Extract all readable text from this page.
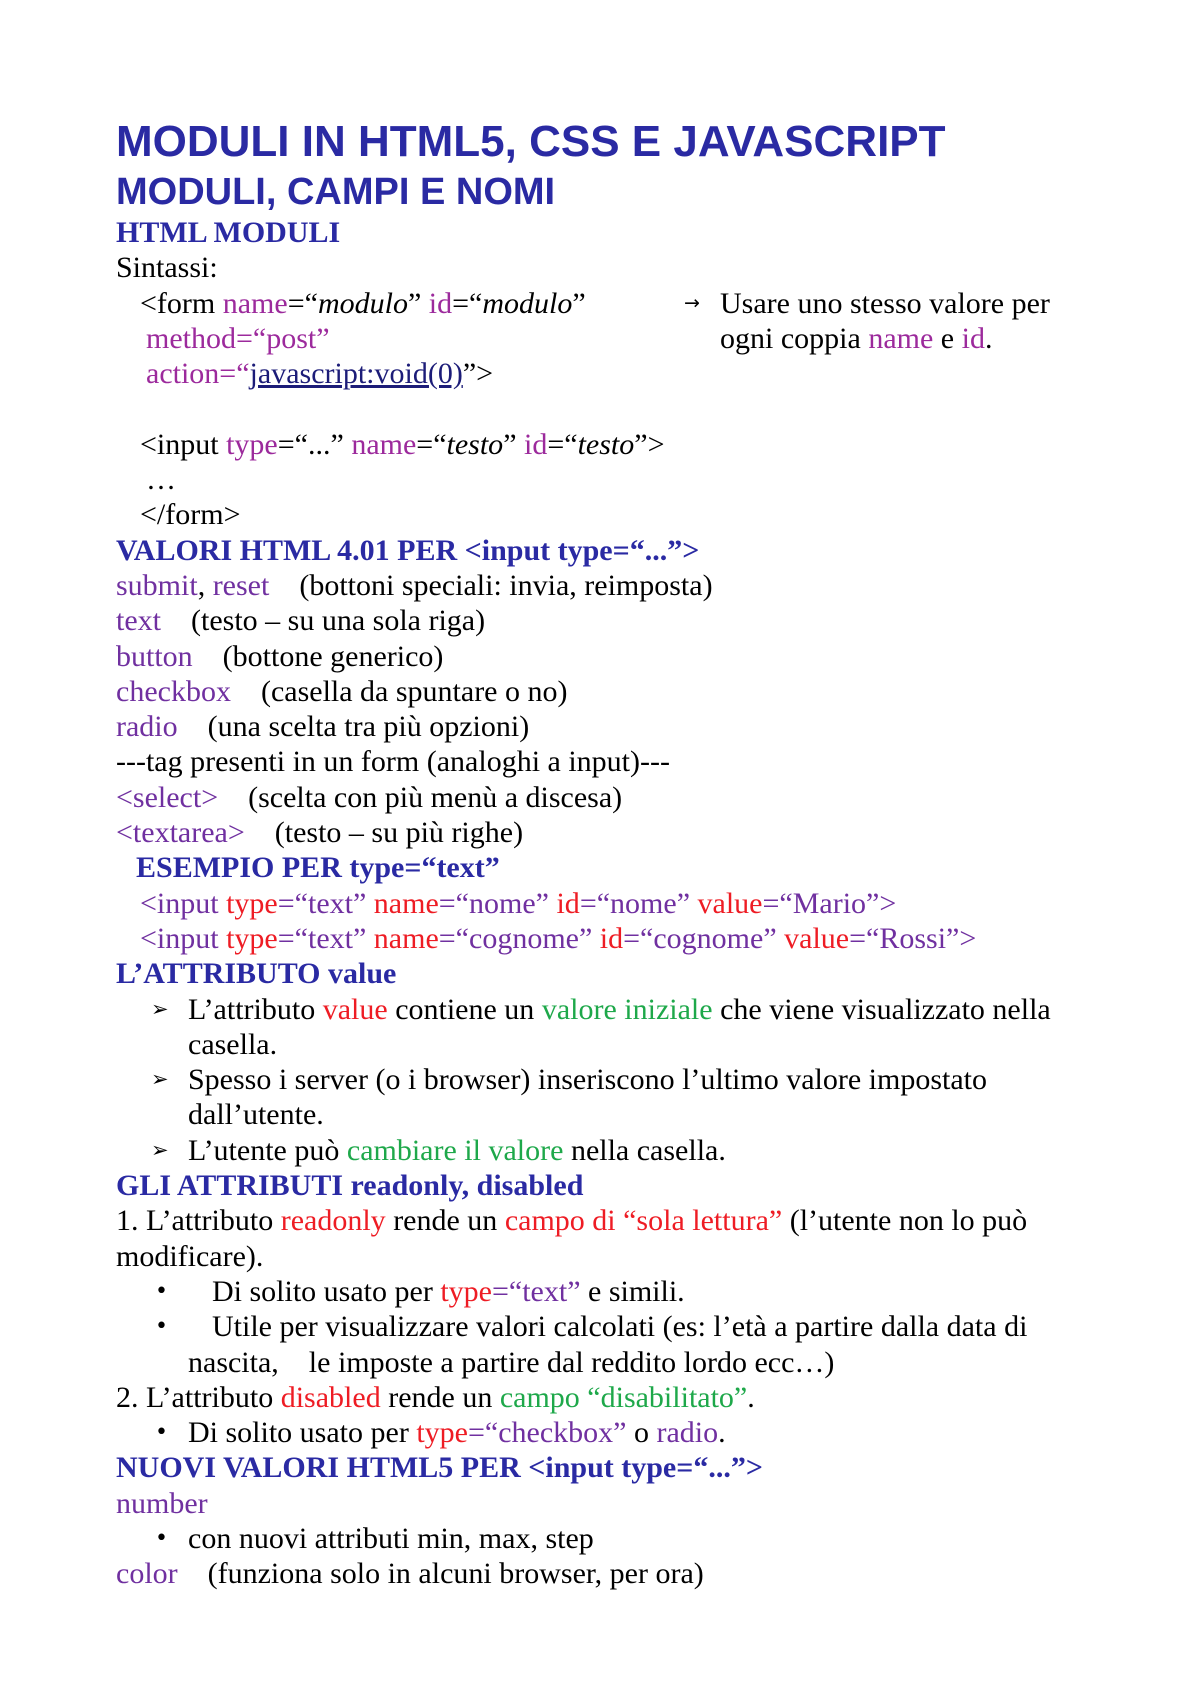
MODULI IN HTML5, CSS E JAVASCRIPT
MODULI, CAMPI E NOMI
HTML MODULI
Sintassi:
<form name=“modulo” id=“modulo”	→ Usare uno stesso valore per
method=“post”	ogni coppia name e id.
action=“javascript:void(0)”>
<input type=“...” name=“testo” id=“testo”>
…
</form>
VALORI HTML 4.01 PER <input type=“...”>
submit, reset    (bottoni speciali: invia, reimposta)
text    (testo – su una sola riga)
button    (bottone generico)
checkbox    (casella da spuntare o no)
radio    (una scelta tra più opzioni)
---tag presenti in un form (analoghi a input)---
<select>    (scelta con più menù a discesa)
<textarea>    (testo – su più righe)
ESEMPIO PER type=“text”
<input type=“text” name=“nome” id=“nome” value=“Mario”>
<input type=“text” name=“cognome” id=“cognome” value=“Rossi”>
L’ATTRIBUTO value
➢ L’attributo value contiene un valore iniziale che viene visualizzato nella
casella.
➢ Spesso i server (o i browser) inseriscono l’ultimo valore impostato
dall’utente.
➢ L’utente può cambiare il valore nella casella.
GLI ATTRIBUTI readonly, disabled
1. L’attributo readonly rende un campo di “sola lettura” (l’utente non lo può
modificare).
• Di solito usato per type=“text” e simili.
• Utile per visualizzare valori calcolati (es: l’età a partire dalla data di
nascita,    le imposte a partire dal reddito lordo ecc…)
2. L’attributo disabled rende un campo “disabilitato”.
• Di solito usato per type=“checkbox” o radio.
NUOVI VALORI HTML5 PER <input type=“...”>
number
• con nuovi attributi min, max, step
color    (funziona solo in alcuni browser, per ora)
